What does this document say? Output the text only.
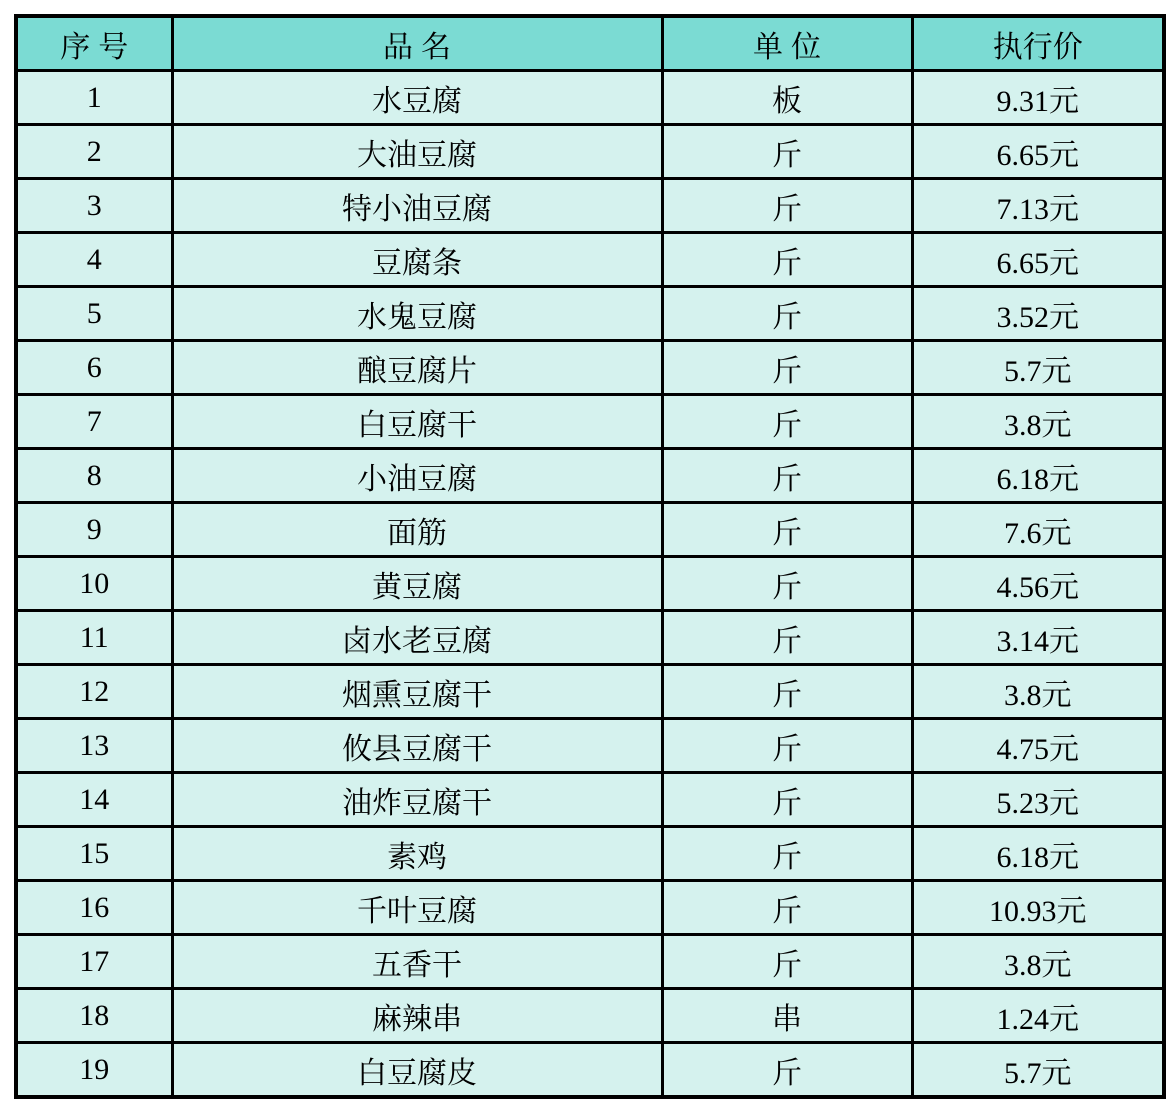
序号	品名	单位	执行价
1	水豆腐	板	9.31元
2	大油豆腐	斤	6.65元
3	特小油豆腐	斤	7.13元
4	豆腐条	斤	6.65元
5	水鬼豆腐	斤	3.52元
6	酿豆腐片	斤	5.7元
7	白豆腐干	斤	3.8元
8	小油豆腐	斤	6.18元
9	面筋	斤	7.6元
10	黄豆腐	斤	4.56元
11	卤水老豆腐	斤	3.14元
12	烟熏豆腐干	斤	3.8元
13	攸县豆腐干	斤	4.75元
14	油炸豆腐干	斤	5.23元
15	素鸡	斤	6.18元
16	千叶豆腐	斤	10.93元
17	五香干	斤	3.8元
18	麻辣串	串	1.24元
19	白豆腐皮	斤	5.7元
